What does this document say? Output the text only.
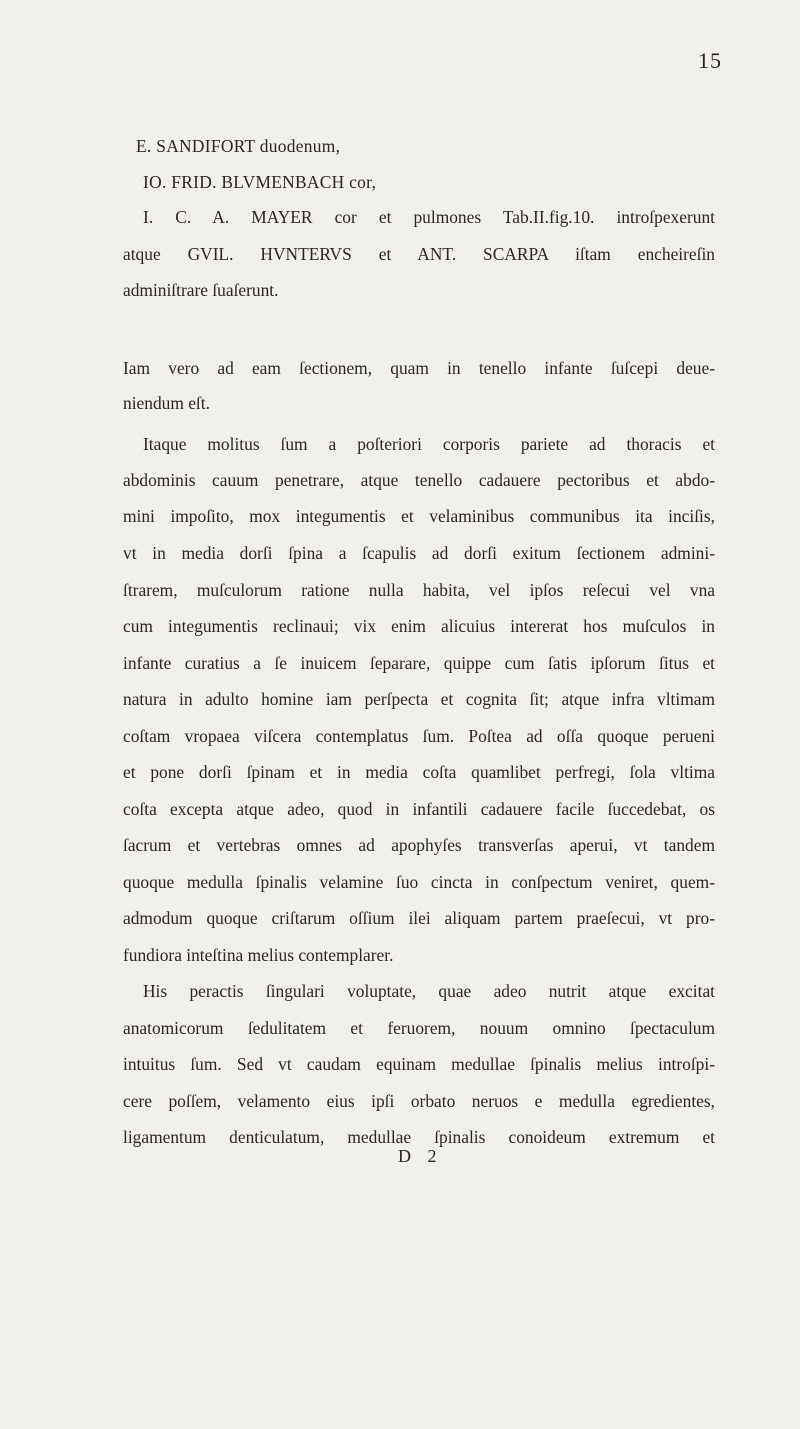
15
E. SANDIFORT duodenum,
IO. FRID. BLVMENBACH cor,
I. C. A. MAYER cor et pulmones Tab.II.fig.10. introſpexerunt
atque GVIL. HVNTERVS et ANT. SCARPA iſtam encheireſin
adminiſtrare ſuaſerunt.
Iam vero ad eam ſectionem, quam in tenello infante ſuſcepi deue-
niendum eſt.
Itaque molitus ſum a poſteriori corporis pariete ad thoracis et
abdominis cauum penetrare, atque tenello cadauere pectoribus et abdo-
mini impoſito, mox integumentis et velaminibus communibus ita inciſis,
vt in media dorſi ſpina a ſcapulis ad dorſi exitum ſectionem admini-
ſtrarem, muſculorum ratione nulla habita, vel ipſos reſecui vel vna
cum integumentis reclinaui; vix enim alicuius intererat hos muſculos in
infante curatius a ſe inuicem ſeparare, quippe cum ſatis ipſorum ſitus et
natura in adulto homine iam perſpecta et cognita ſit; atque infra vltimam
coſtam vropaea viſcera contemplatus ſum. Poſtea ad oſſa quoque perueni
et pone dorſi ſpinam et in media coſta quamlibet perfregi, ſola vltima
coſta excepta atque adeo, quod in infantili cadauere facile ſuccedebat, os
ſacrum et vertebras omnes ad apophyſes transverſas aperui, vt tandem
quoque medulla ſpinalis velamine ſuo cincta in conſpectum veniret, quem-
admodum quoque criſtarum oſſium ilei aliquam partem praeſecui, vt pro-
fundiora inteſtina melius contemplarer.
His peractis ſingulari voluptate, quae adeo nutrit atque excitat
anatomicorum ſedulitatem et feruorem, nouum omnino ſpectaculum
intuitus ſum. Sed vt caudam equinam medullae ſpinalis melius introſpi-
cere poſſem, velamento eius ipſi orbato neruos e medulla egredientes,
ligamentum denticulatum, medullae ſpinalis conoideum extremum et
D 2
